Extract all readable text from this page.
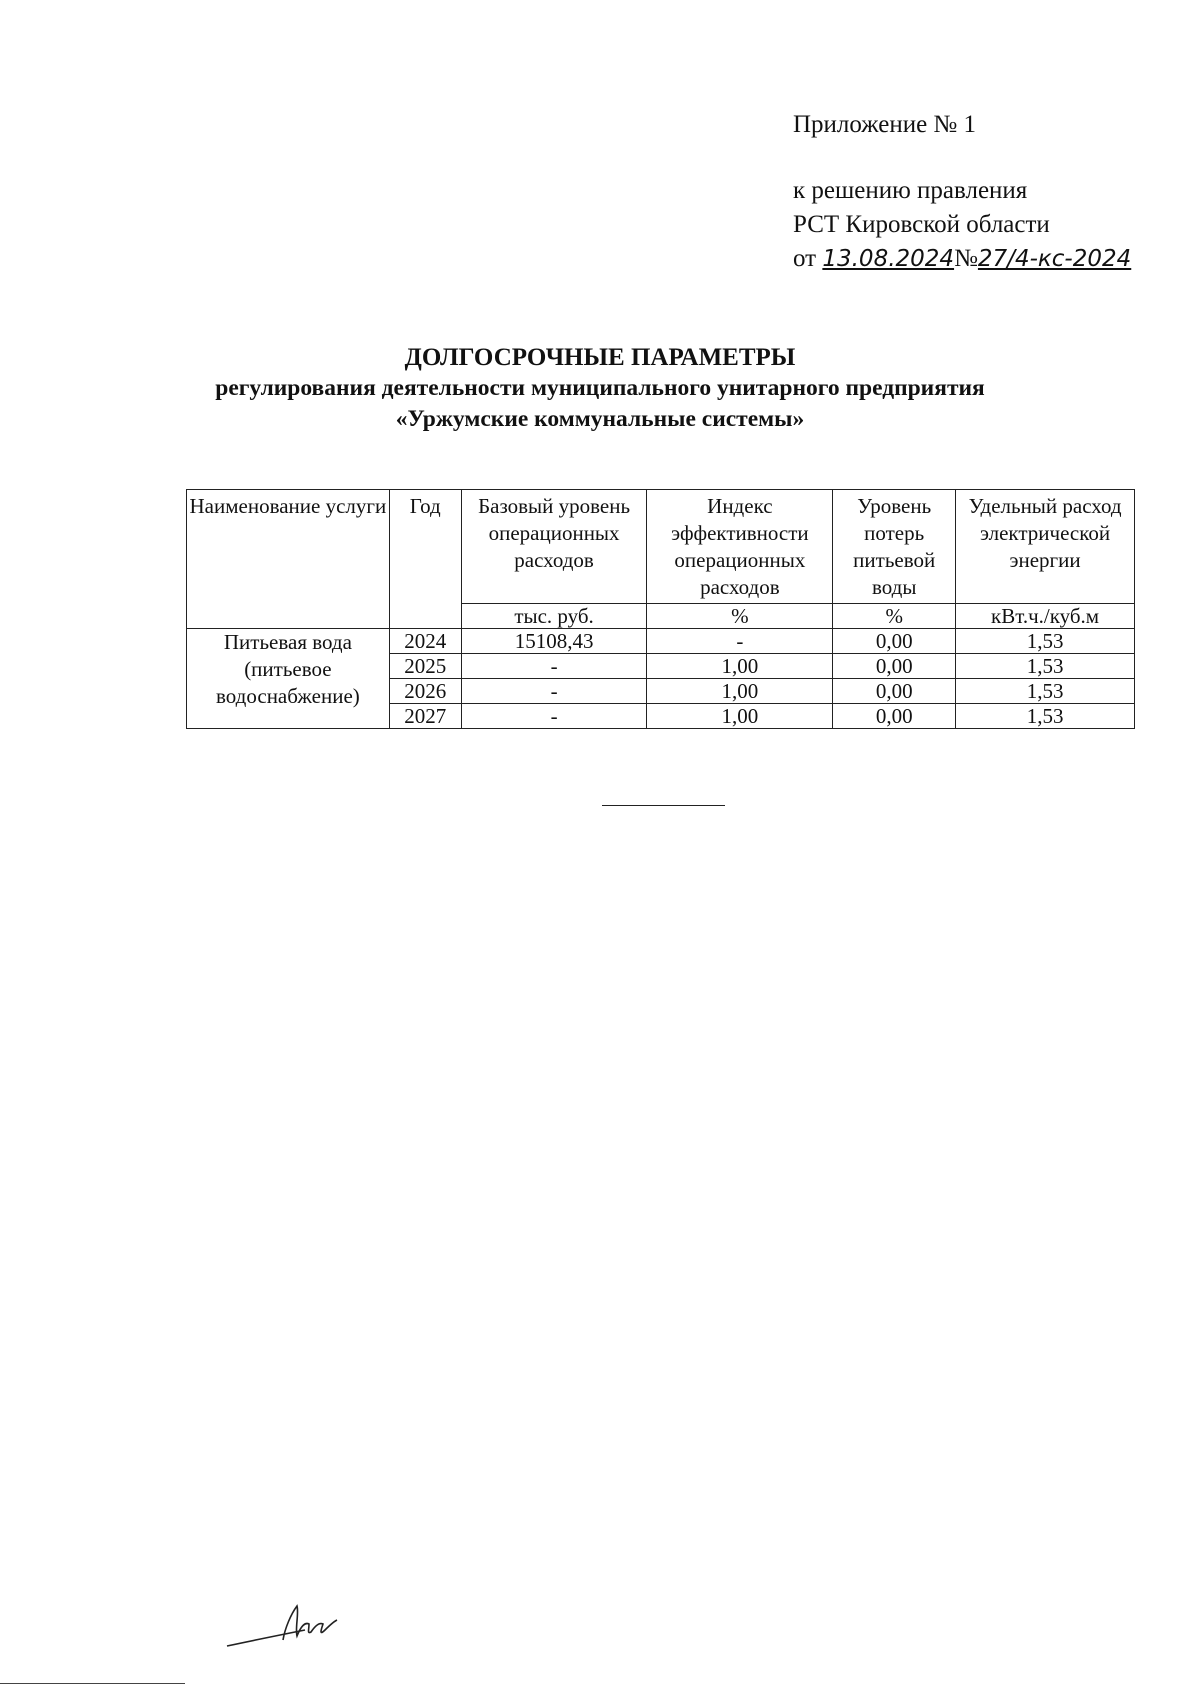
Приложение № 1
к решению правления
РСТ Кировской области
от 13.08.2024№27/4-кс-2024
ДОЛГОСРОЧНЫЕ ПАРАМЕТРЫ
регулирования деятельности муниципального унитарного предприятия
«Уржумские коммунальные системы»
Наименование услуги	Год	Базовый уровень операционных расходов	Индекс эффективности операционных расходов	Уровень потерь питьевой воды	Удельный расход электрической энергии
		тыс. руб.	%	%	кВт.ч./куб.м
Питьевая вода (питьевое водоснабжение)	2024	15108,43	-	0,00	1,53
	2025	-	1,00	0,00	1,53
	2026	-	1,00	0,00	1,53
	2027	-	1,00	0,00	1,53
